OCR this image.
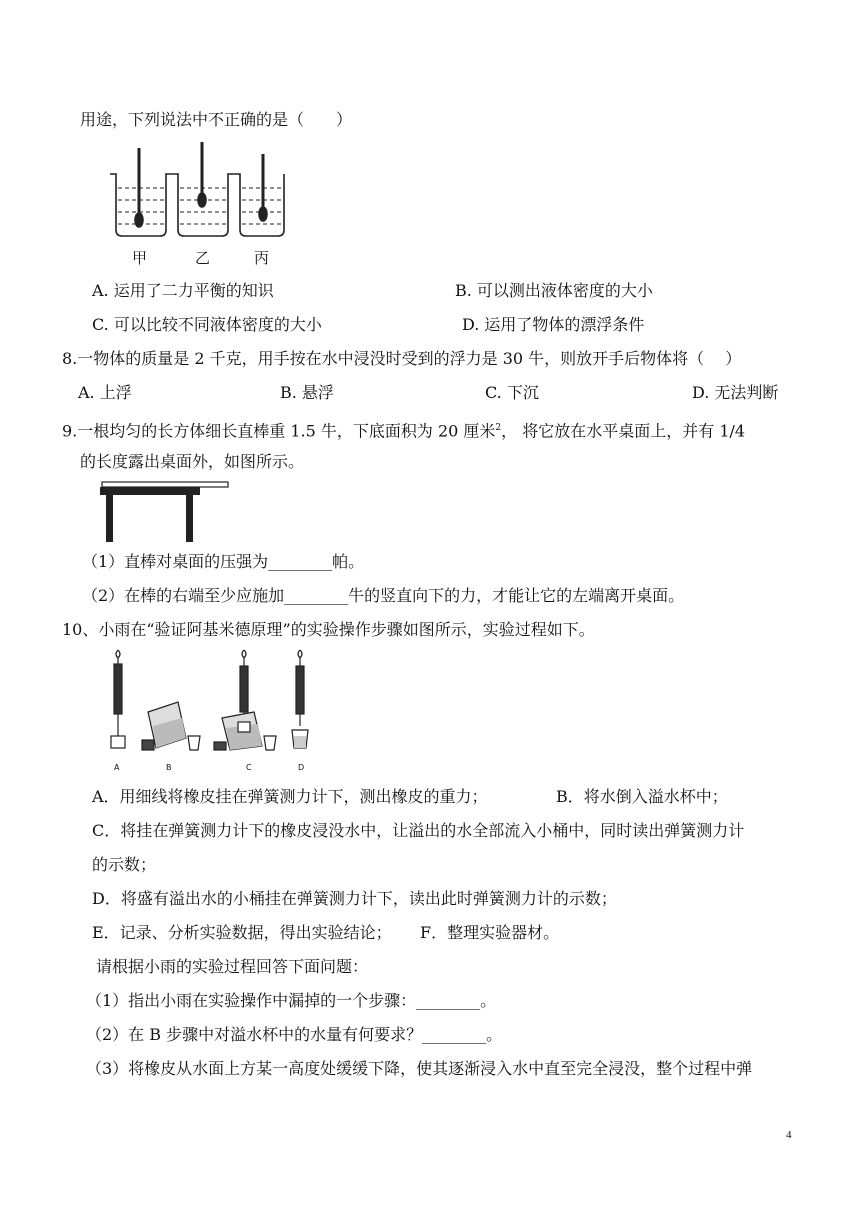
用途，下列说法中不正确的是（　　）
甲	乙	丙
A. 运用了二力平衡的知识	B. 可以测出液体密度的大小
C. 可以比较不同液体密度的大小	D. 运用了物体的漂浮条件
8.一物体的质量是 2 千克，用手按在水中浸没时受到的浮力是 30 牛，则放开手后物体将（　 ）
A. 上浮	B. 悬浮	C. 下沉	D. 无法判断
9.一根均匀的长方体细长直棒重 1.5 牛，下底面积为 20 厘米$^2$， 将它放在水平桌面上，并有 1/4
的长度露出桌面外，如图所示。
（1）直棒对桌面的压强为________帕。
（2）在棒的右端至少应施加________牛的竖直向下的力，才能让它的左端离开桌面。
10、小雨在“验证阿基米德原理”的实验操作步骤如图所示，实验过程如下。
A	B	C	D
A．用细线将橡皮挂在弹簧测力计下，测出橡皮的重力；	B．将水倒入溢水杯中；
C．将挂在弹簧测力计下的橡皮浸没水中，让溢出的水全部流入小桶中，同时读出弹簧测力计
的示数；
D．将盛有溢出水的小桶挂在弹簧测力计下，读出此时弹簧测力计的示数；
E．记录、分析实验数据，得出实验结论； F．整理实验器材。
请根据小雨的实验过程回答下面问题：
（1）指出小雨在实验操作中漏掉的一个步骤：________。
（2）在 B 步骤中对溢水杯中的水量有何要求？________。
（3）将橡皮从水面上方某一高度处缓缓下降，使其逐渐浸入水中直至完全浸没，整个过程中弹
4
